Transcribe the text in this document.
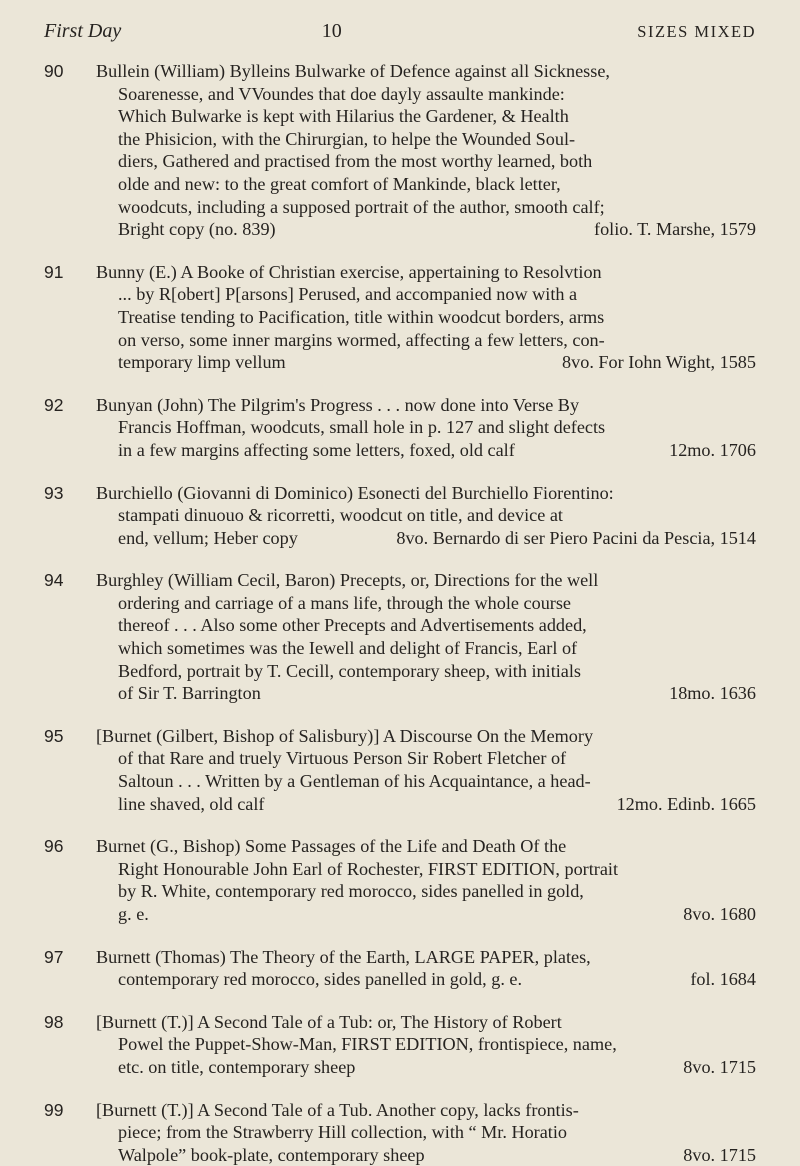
First Day	10	SIZES MIXED
90	Bullein (William) Bylleins Bulwarke of Defence against all Sicknesse,
Soarenesse, and VVoundes that doe dayly assaulte mankinde:
Which Bulwarke is kept with Hilarius the Gardener, & Health
the Phisicion, with the Chirurgian, to helpe the Wounded Soul-
diers, Gathered and practised from the most worthy learned, both
olde and new: to the great comfort of Mankinde, black letter,
woodcuts, including a supposed portrait of the author, smooth calf;
Bright copy (no. 839)	folio. T. Marshe, 1579
91	Bunny (E.) A Booke of Christian exercise, appertaining to Resolvtion
... by R[obert] P[arsons] Perused, and accompanied now with a
Treatise tending to Pacification, title within woodcut borders, arms
on verso, some inner margins wormed, affecting a few letters, con-
temporary limp vellum	8vo. For Iohn Wight, 1585
92	Bunyan (John) The Pilgrim's Progress . . . now done into Verse By
Francis Hoffman, woodcuts, small hole in p. 127 and slight defects
in a few margins affecting some letters, foxed, old calf	12mo. 1706
93	Burchiello (Giovanni di Dominico) Esonecti del Burchiello Fiorentino:
stampati dinuouo & ricorretti, woodcut on title, and device at
end, vellum; Heber copy	8vo. Bernardo di ser Piero Pacini da Pescia, 1514
94	Burghley (William Cecil, Baron) Precepts, or, Directions for the well
ordering and carriage of a mans life, through the whole course
thereof . . . Also some other Precepts and Advertisements added,
which sometimes was the Iewell and delight of Francis, Earl of
Bedford, portrait by T. Cecill, contemporary sheep, with initials
of Sir T. Barrington	18mo. 1636
95	[Burnet (Gilbert, Bishop of Salisbury)] A Discourse On the Memory
of that Rare and truely Virtuous Person Sir Robert Fletcher of
Saltoun . . . Written by a Gentleman of his Acquaintance, a head-
line shaved, old calf	12mo. Edinb. 1665
96	Burnet (G., Bishop) Some Passages of the Life and Death Of the
Right Honourable John Earl of Rochester, FIRST EDITION, portrait
by R. White, contemporary red morocco, sides panelled in gold,
g. e.	8vo. 1680
97	Burnett (Thomas) The Theory of the Earth, LARGE PAPER, plates,
contemporary red morocco, sides panelled in gold, g. e.	fol. 1684
98	[Burnett (T.)] A Second Tale of a Tub: or, The History of Robert
Powel the Puppet-Show-Man, FIRST EDITION, frontispiece, name,
etc. on title, contemporary sheep	8vo. 1715
99	[Burnett (T.)] A Second Tale of a Tub. Another copy, lacks frontis-
piece; from the Strawberry Hill collection, with “ Mr. Horatio
Walpole” book-plate, contemporary sheep	8vo. 1715
